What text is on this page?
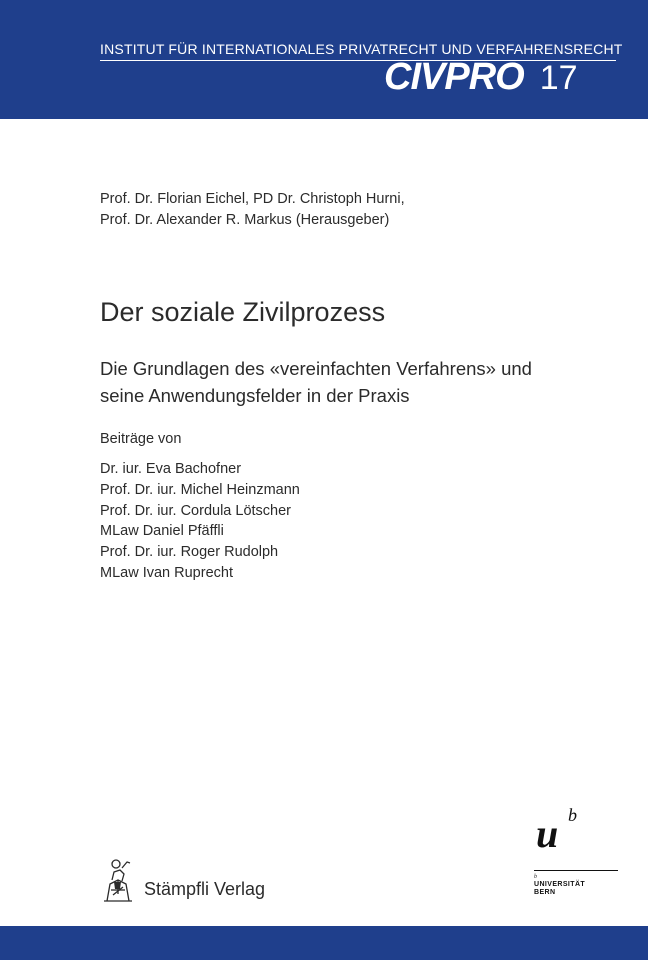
INSTITUT FÜR INTERNATIONALES PRIVATRECHT UND VERFAHRENSRECHT
CIVPRO 17
Prof. Dr. Florian Eichel, PD Dr. Christoph Hurni,
Prof. Dr. Alexander R. Markus (Herausgeber)
Der soziale Zivilprozess
Die Grundlagen des «vereinfachten Verfahrens» und
seine Anwendungsfelder in der Praxis
Beiträge von
Dr. iur. Eva Bachofner
Prof. Dr. iur. Michel Heinzmann
Prof. Dr. iur. Cordula Lötscher
MLaw Daniel Pfäffli
Prof. Dr. iur. Roger Rudolph
MLaw Ivan Ruprecht
Stämpfli Verlag
u b
b
UNIVERSITÄT
BERN
